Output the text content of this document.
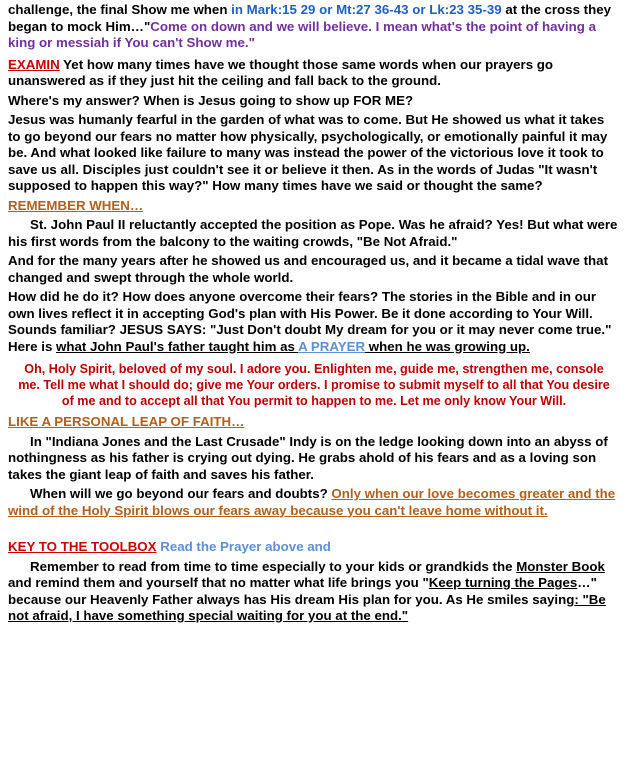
challenge, the final Show me when in Mark:15 29 or Mt:27 36-43 or Lk:23 35-39 at the cross they began to mock Him…"Come on down and we will believe. I mean what's the point of having a king or messiah if You can't Show me."

EXAMIN Yet how many times have we thought those same words when our prayers go unanswered as if they just hit the ceiling and fall back to the ground.

Where's my answer? When is Jesus going to show up FOR ME?

Jesus was humanly fearful in the garden of what was to come. But He showed us what it takes to go beyond our fears no matter how physically, psychologically, or emotionally painful it may be. And what looked like failure to many was instead the power of the victorious love it took to save us all. Disciples just couldn't see it or believe it then. As in the words of Judas "It wasn't supposed to happen this way?" How many times have we said or thought the same?

REMEMBER WHEN…

St. John Paul II reluctantly accepted the position as Pope. Was he afraid? Yes! But what were his first words from the balcony to the waiting crowds, "Be Not Afraid."

And for the many years after he showed us and encouraged us, and it became a tidal wave that changed and swept through the whole world.

How did he do it? How does anyone overcome their fears? The stories in the Bible and in our own lives reflect it in accepting God's plan with His Power. Be it done according to Your Will. Sounds familiar? JESUS SAYS: "Just Don't doubt My dream for you or it may never come true." Here is what John Paul's father taught him as A PRAYER when he was growing up.

Oh, Holy Spirit, beloved of my soul. I adore you. Enlighten me, guide me, strengthen me, console me. Tell me what I should do; give me Your orders. I promise to submit myself to all that You desire of me and to accept all that You permit to happen to me. Let me only know Your Will.

LIKE A PERSONAL LEAP OF FAITH…

In "Indiana Jones and the Last Crusade" Indy is on the ledge looking down into an abyss of nothingness as his father is crying out dying. He grabs ahold of his fears and as a loving son takes the giant leap of faith and saves his father.

When will we go beyond our fears and doubts? Only when our love becomes greater and the wind of the Holy Spirit blows our fears away because you can't leave home without it.

KEY TO THE TOOLBOX Read the Prayer above and

Remember to read from time to time especially to your kids or grandkids the Monster Book and remind them and yourself that no matter what life brings you "Keep turning the Pages…" because our Heavenly Father always has His dream His plan for you. As He smiles saying: "Be not afraid, I have something special waiting for you at the end."
